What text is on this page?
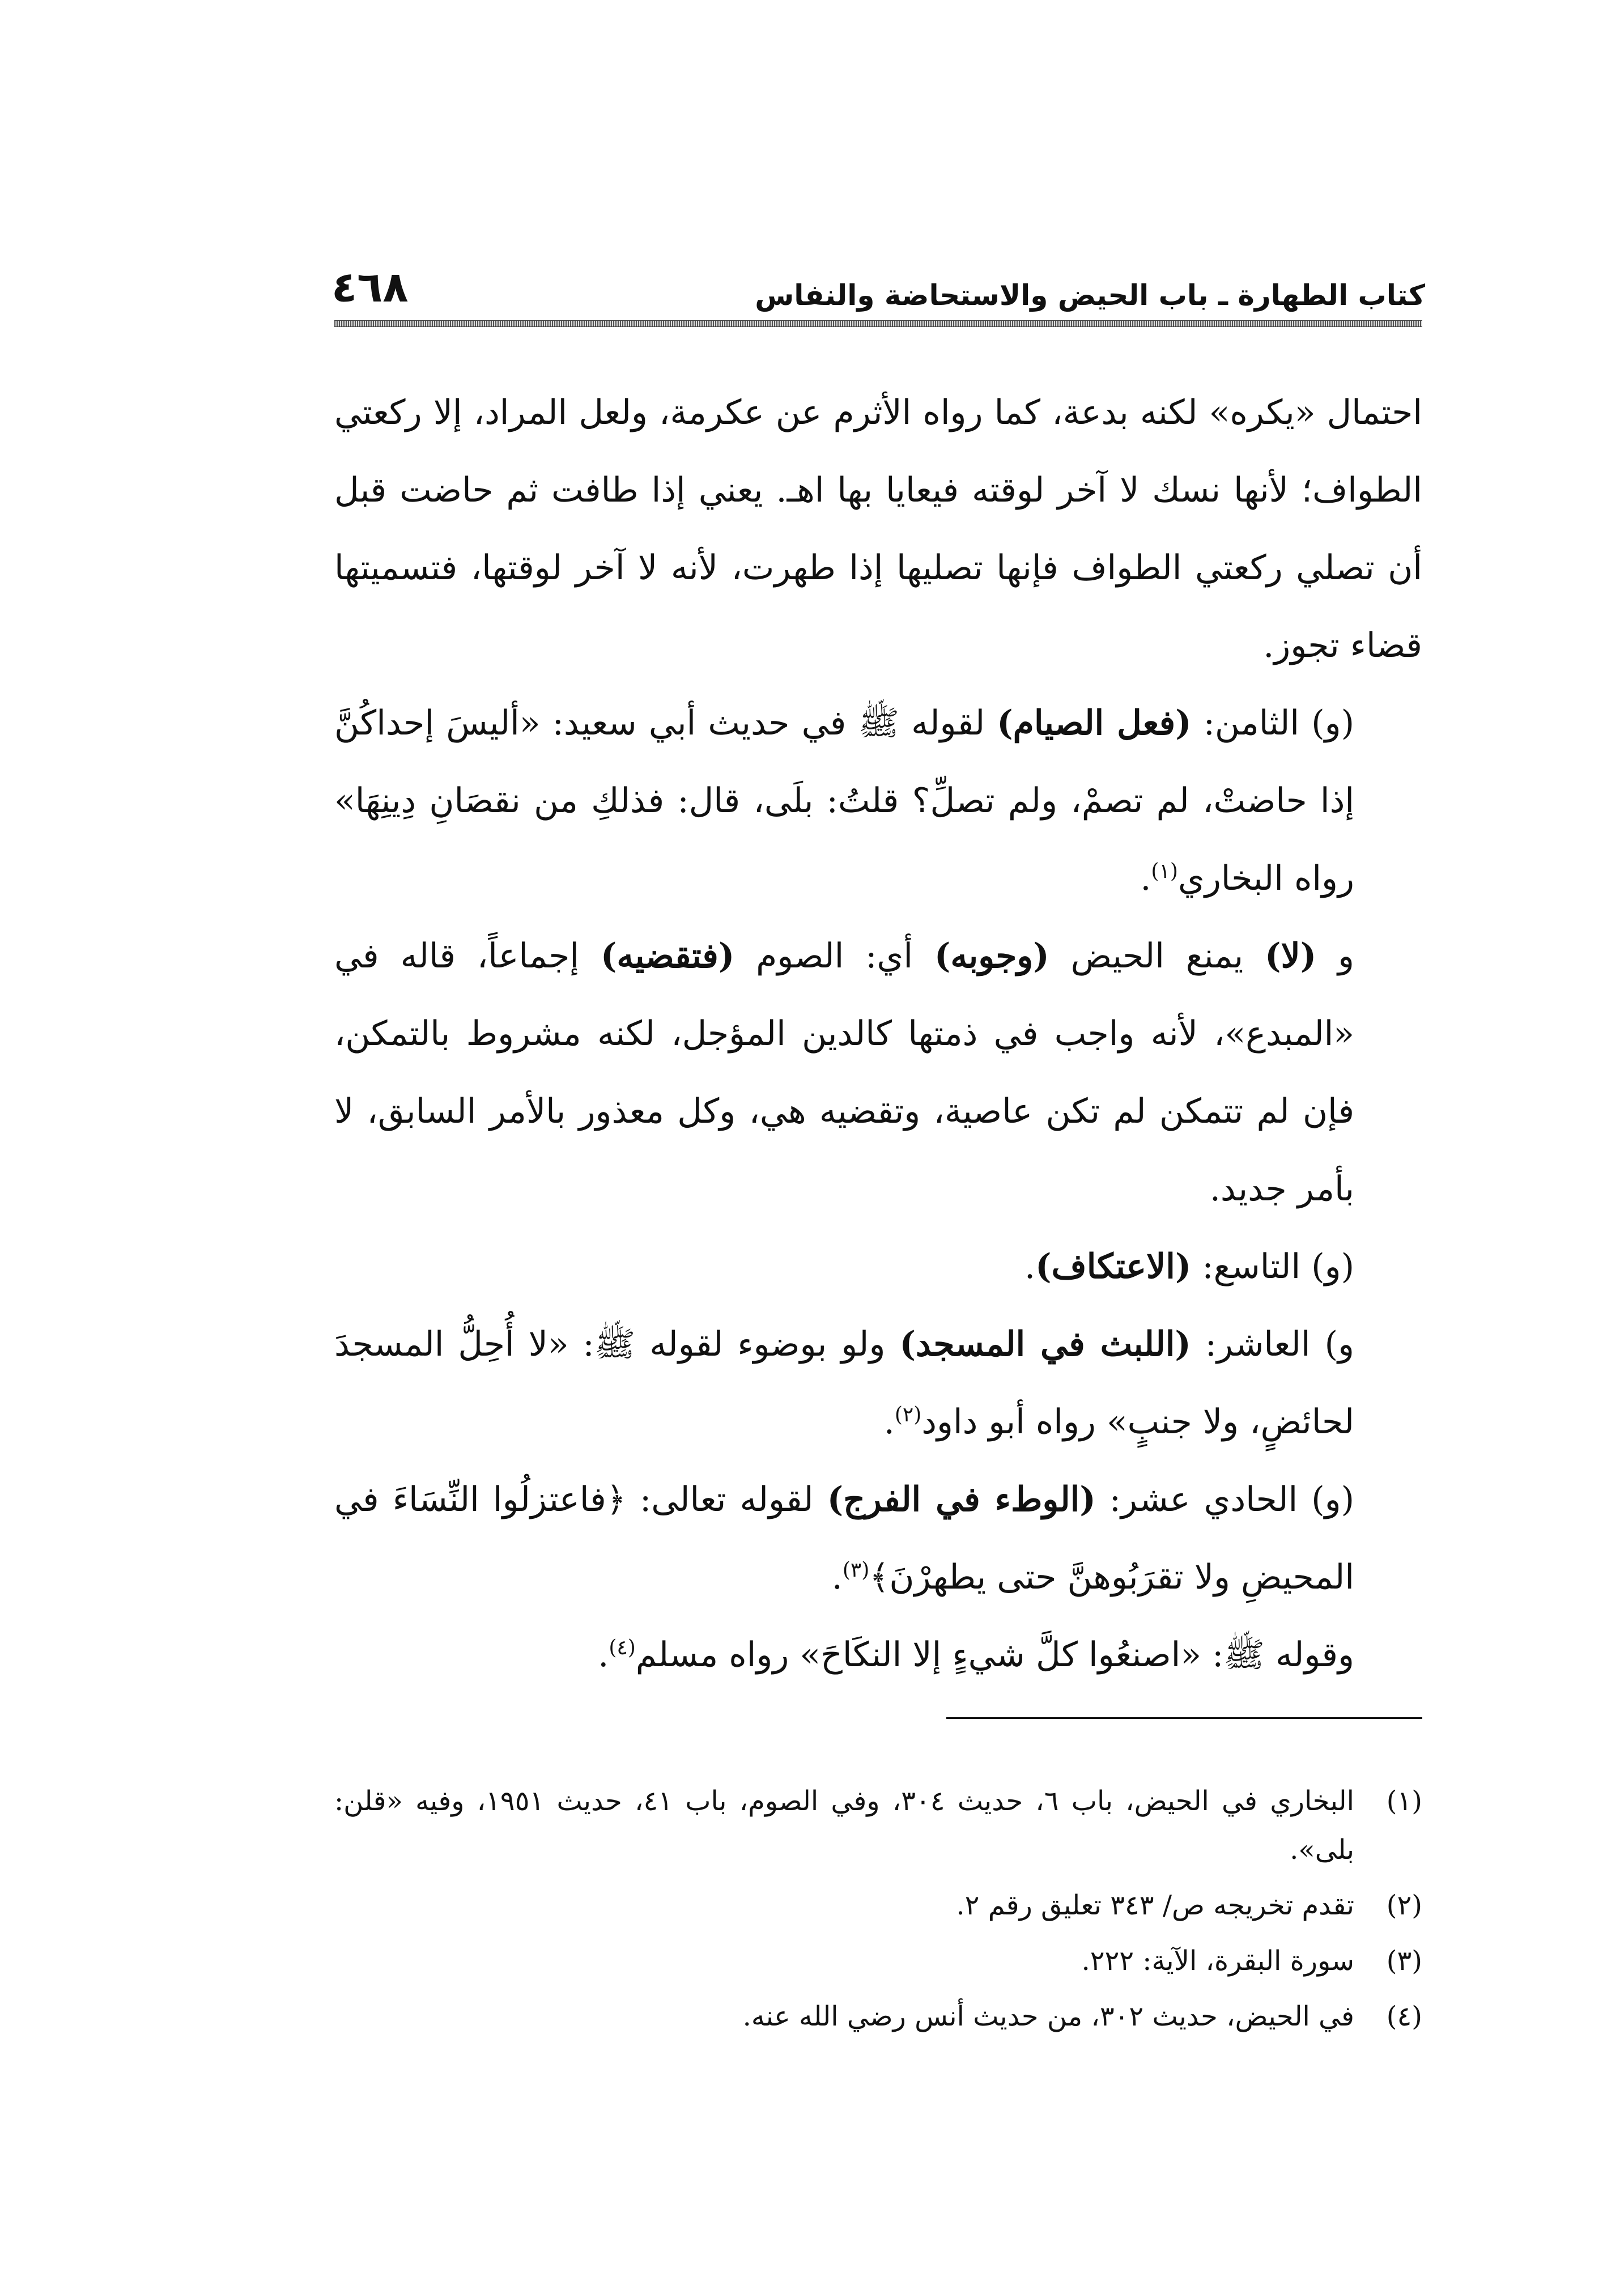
كتاب الطهارة ـ باب الحيض والاستحاضة والنفاس
٤٦٨

احتمال «يكره» لكنه بدعة، كما رواه الأثرم عن عكرمة، ولعل المراد، إلا ركعتي الطواف؛ لأنها نسك لا آخر لوقته فيعايا بها اهـ. يعني إذا طافت ثم حاضت قبل أن تصلي ركعتي الطواف فإنها تصليها إذا طهرت، لأنه لا آخر لوقتها، فتسميتها قضاء تجوز.

(و) الثامن: (فعل الصيام) لقوله ﷺ في حديث أبي سعيد: «أليسَ إحداكُنَّ إذا حاضتْ، لم تصمْ، ولم تصلِّ؟ قلتُ: بلَى، قال: فذلكِ من نقصَانِ دِينِهَا» رواه البخاري$^{(١)}$.

و (لا) يمنع الحيض (وجوبه) أي: الصوم (فتقضيه) إجماعاً، قاله في «المبدع»، لأنه واجب في ذمتها كالدين المؤجل، لكنه مشروط بالتمكن، فإن لم تتمكن لم تكن عاصية، وتقضيه هي، وكل معذور بالأمر السابق، لا بأمر جديد.

(و) التاسع: (الاعتكاف).

و) العاشر: (اللبث في المسجد) ولو بوضوء لقوله ﷺ: «لا أُحِلُّ المسجدَ لحائضٍ، ولا جنبٍ» رواه أبو داود$^{(٢)}$.

(و) الحادي عشر: (الوطء في الفرج) لقوله تعالى: ﴿فاعتزلُوا النِّسَاءَ في المحيضِ ولا تقرَبُوهنَّ حتى يطهرْنَ﴾$^{(٣)}$.

وقوله ﷺ: «اصنعُوا كلَّ شيءٍ إلا النكَاحَ» رواه مسلم$^{(٤)}$.

(١)
البخاري في الحيض، باب ٦، حديث ٣٠٤، وفي الصوم، باب ٤١، حديث ١٩٥١، وفيه «قلن: بلى».
(٢)
تقدم تخريجه ص/ ٣٤٣ تعليق رقم ٢.
(٣)
سورة البقرة، الآية: ٢٢٢.
(٤)
في الحيض، حديث ٣٠٢، من حديث أنس رضي الله عنه.
